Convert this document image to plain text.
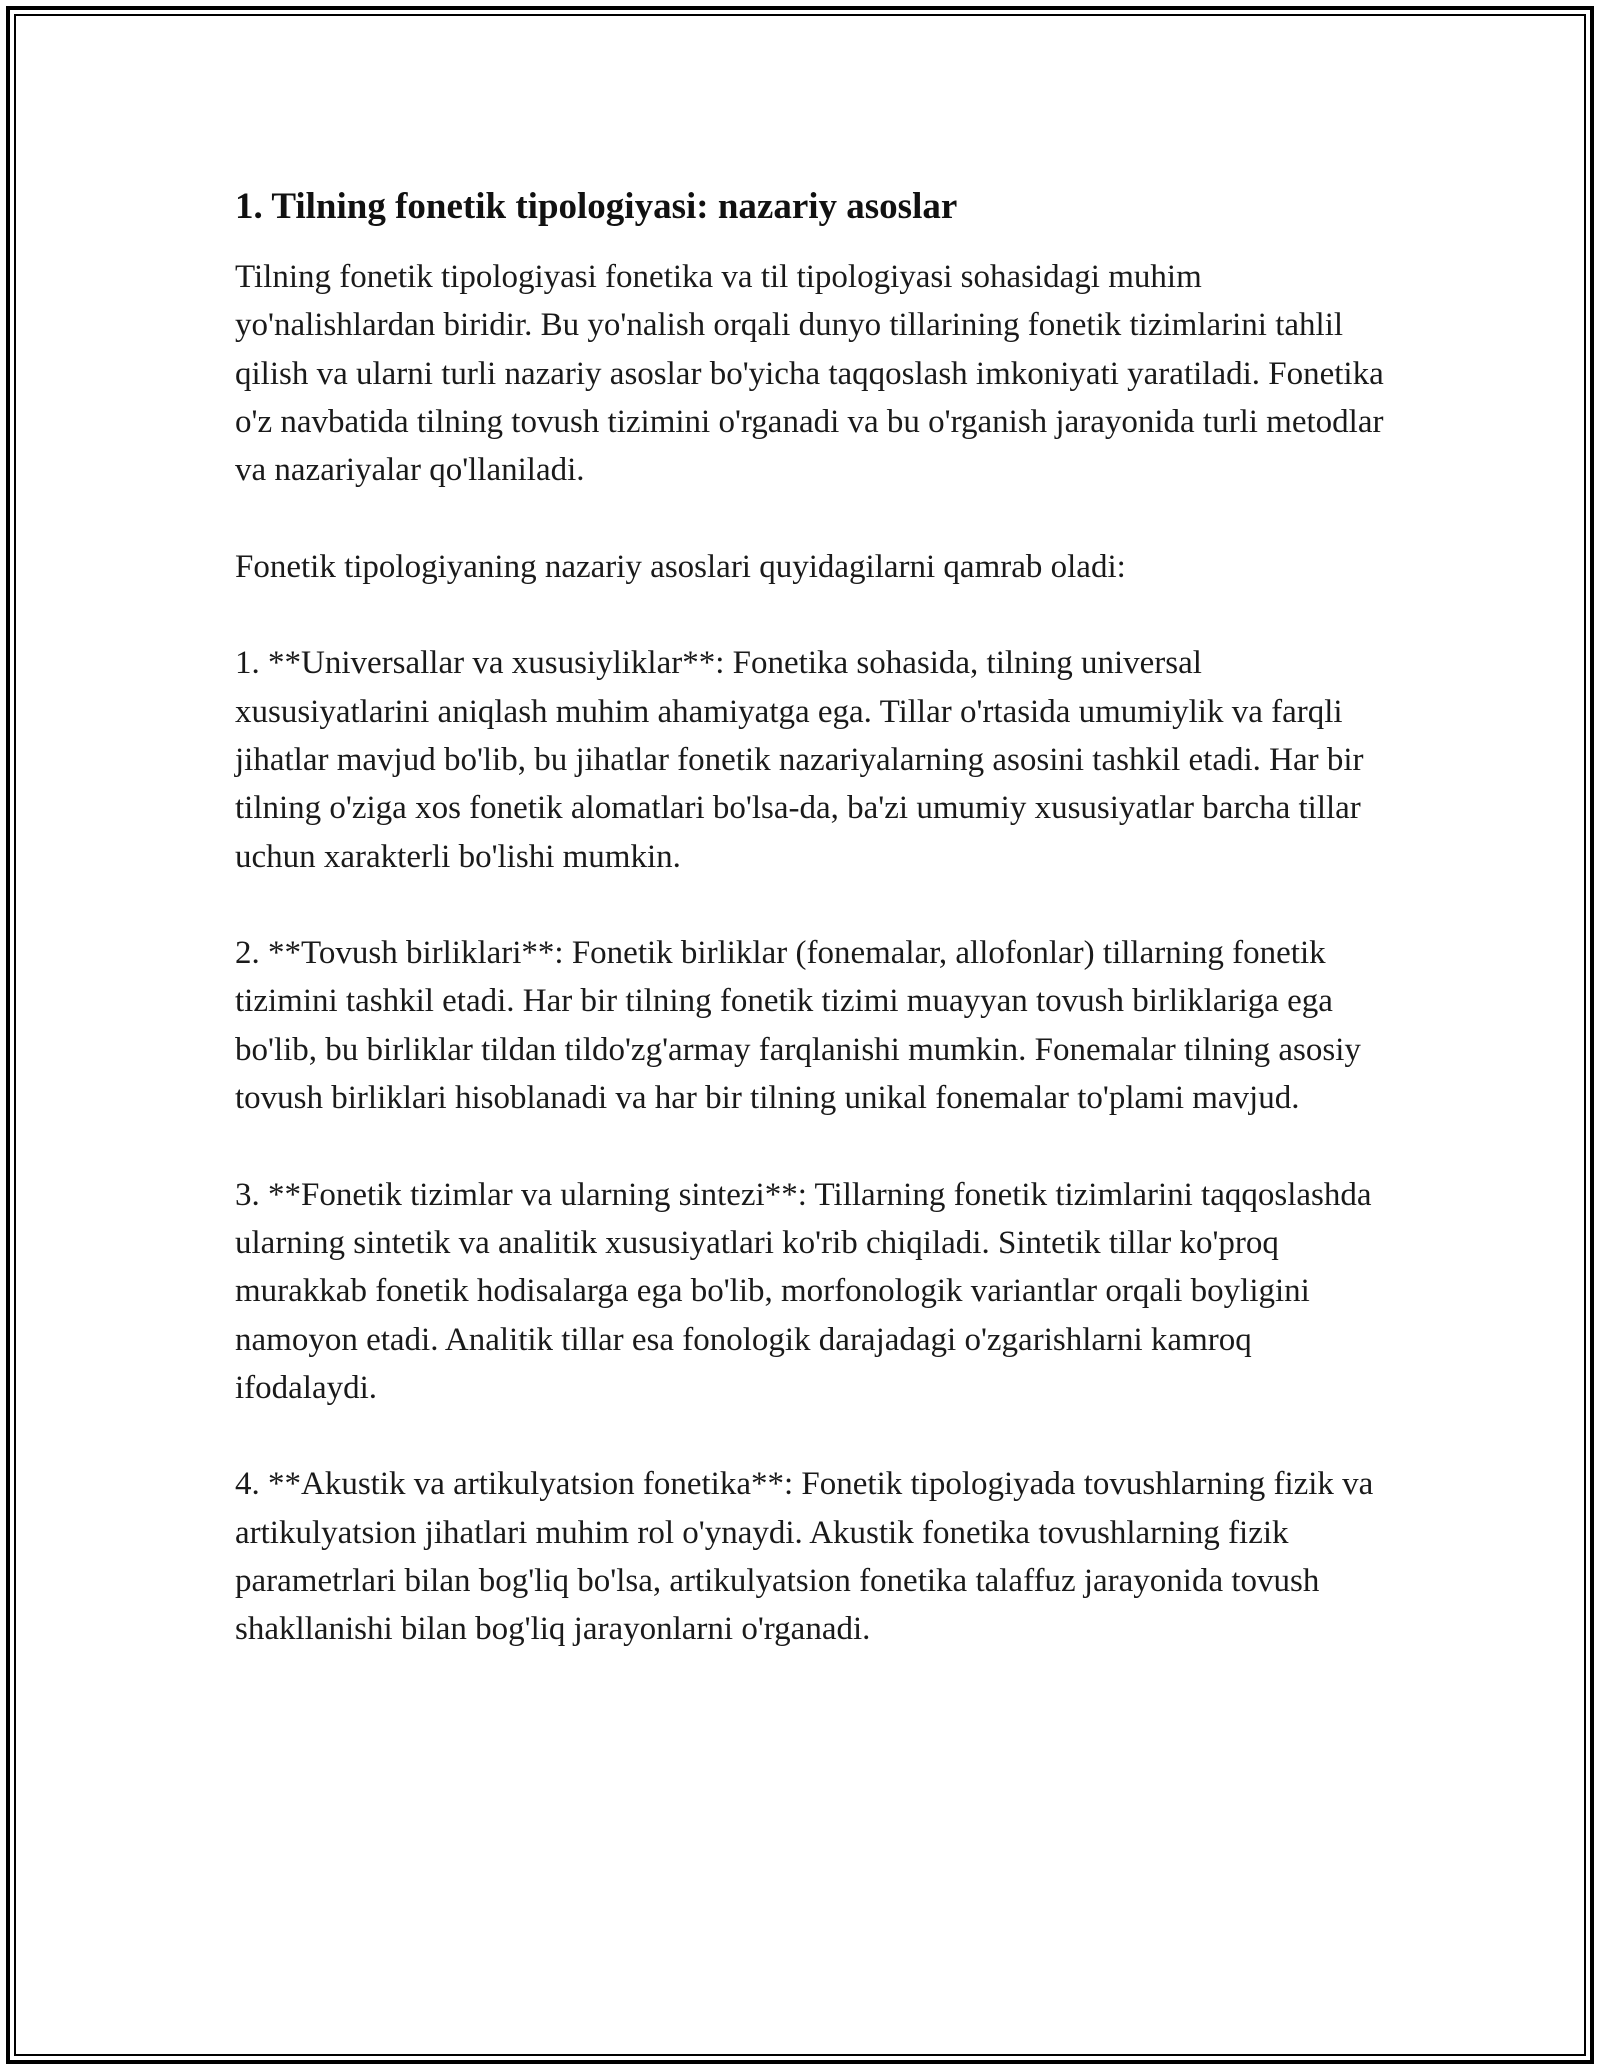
1. Tilning fonetik tipologiyasi: nazariy asoslar

Tilning fonetik tipologiyasi fonetika va til tipologiyasi sohasidagi muhim yo'nalishlardan biridir. Bu yo'nalish orqali dunyo tillarining fonetik tizimlarini tahlil qilish va ularni turli nazariy asoslar bo'yicha taqqoslash imkoniyati yaratiladi. Fonetika o'z navbatida tilning tovush tizimini o'rganadi va bu o'rganish jarayonida turli metodlar va nazariyalar qo'llaniladi.

Fonetik tipologiyaning nazariy asoslari quyidagilarni qamrab oladi:

1. **Universallar va xususiyliklar**: Fonetika sohasida, tilning universal xususiyatlarini aniqlash muhim ahamiyatga ega. Tillar o'rtasida umumiylik va farqli jihatlar mavjud bo'lib, bu jihatlar fonetik nazariyalarning asosini tashkil etadi. Har bir tilning o'ziga xos fonetik alomatlari bo'lsa-da, ba'zi umumiy xususiyatlar barcha tillar uchun xarakterli bo'lishi mumkin.

2. **Tovush birliklari**: Fonetik birliklar (fonemalar, allofonlar) tillarning fonetik tizimini tashkil etadi. Har bir tilning fonetik tizimi muayyan tovush birliklariga ega bo'lib, bu birliklar tildan tildo'zg'armay farqlanishi mumkin. Fonemalar tilning asosiy tovush birliklari hisoblanadi va har bir tilning unikal fonemalar to'plami mavjud.

3. **Fonetik tizimlar va ularning sintezi**: Tillarning fonetik tizimlarini taqqoslashda ularning sintetik va analitik xususiyatlari ko'rib chiqiladi. Sintetik tillar ko'proq murakkab fonetik hodisalarga ega bo'lib, morfonologik variantlar orqali boyligini namoyon etadi. Analitik tillar esa fonologik darajadagi o'zgarishlarni kamroq ifodalaydi.

4. **Akustik va artikulyatsion fonetika**: Fonetik tipologiyada tovushlarning fizik va artikulyatsion jihatlari muhim rol o'ynaydi. Akustik fonetika tovushlarning fizik parametrlari bilan bog'liq bo'lsa, artikulyatsion fonetika talaffuz jarayonida tovush shakllanishi bilan bog'liq jarayonlarni o'rganadi.
